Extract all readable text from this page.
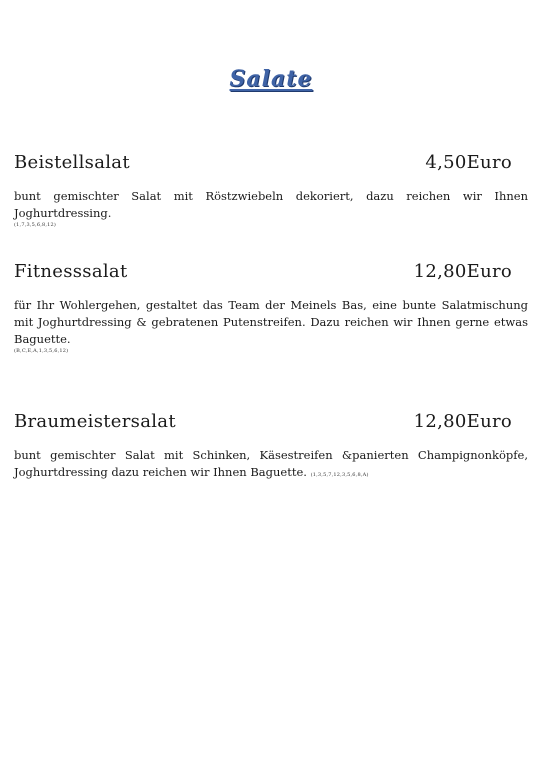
Salate
Beistellsalat	4,50Euro
bunt gemischter Salat mit Röstzwiebeln dekoriert, dazu reichen wir Ihnen Joghurtdressing.
(1,7,3,5,6,8,12)
Fitnesssalat	12,80Euro
für Ihr Wohlergehen, gestaltet das Team der Meinels Bas, eine bunte Salatmischung mit Joghurtdressing & gebratenen Putenstreifen. Dazu reichen wir Ihnen gerne etwas Baguette.
(B,C,E,A,1,3,5,6,12)
Braumeistersalat	12,80Euro
bunt gemischter Salat mit Schinken, Käsestreifen &panierten Champignonköpfe, Joghurtdressing dazu reichen wir Ihnen Baguette. (1,3,5,7,12,3,5,6,8,A)
